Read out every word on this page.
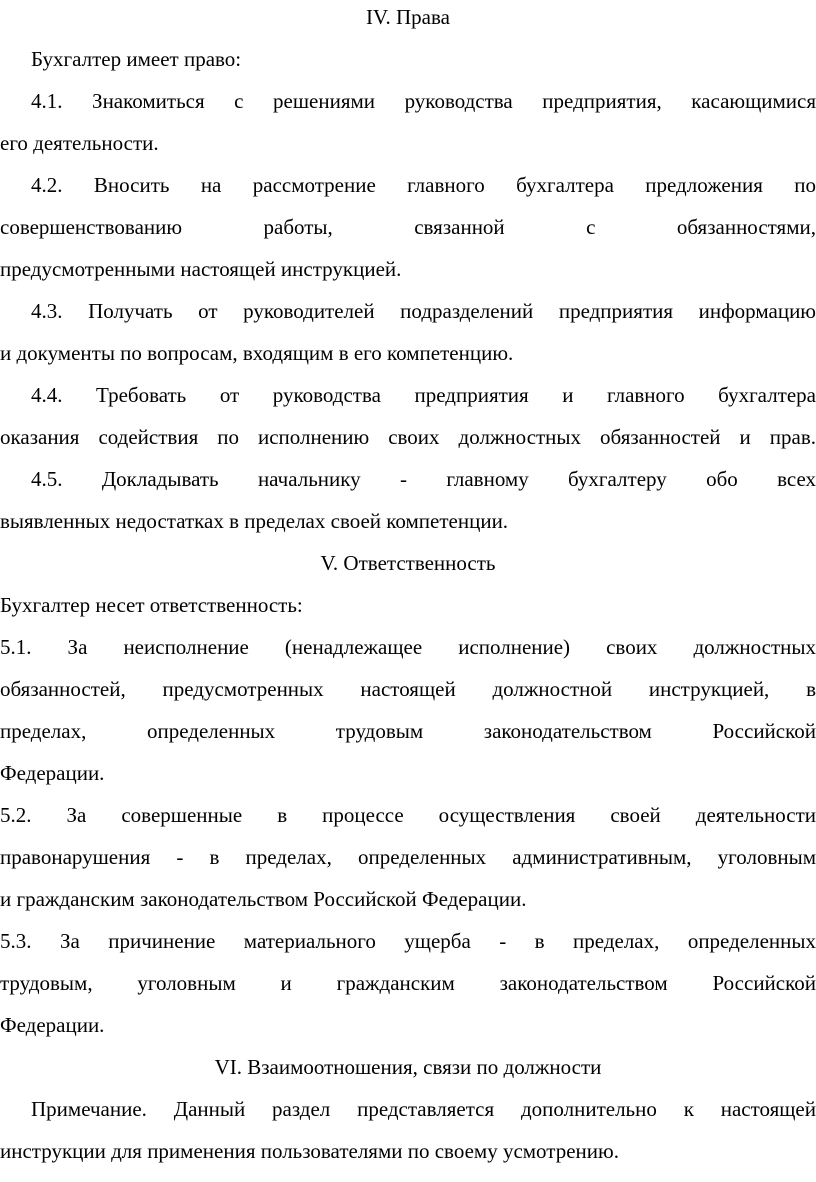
IV. Права
Бухгалтер имеет право:
4.1. Знакомиться с решениями руководства предприятия, касающимися
его деятельности.
4.2. Вносить на рассмотрение главного бухгалтера предложения по
совершенствованию работы, связанной с обязанностями,
предусмотренными настоящей инструкцией.
4.3. Получать от руководителей подразделений предприятия информацию
и документы по вопросам, входящим в его компетенцию.
4.4. Требовать от руководства предприятия и главного бухгалтера
оказания содействия по исполнению своих должностных обязанностей и прав.
4.5. Докладывать начальнику - главному бухгалтеру обо всех
выявленных недостатках в пределах своей компетенции.
V. Ответственность
Бухгалтер несет ответственность:
5.1. За неисполнение (ненадлежащее исполнение) своих должностных
обязанностей, предусмотренных настоящей должностной инструкцией, в
пределах, определенных трудовым законодательством Российской
Федерации.
5.2. За совершенные в процессе осуществления своей деятельности
правонарушения - в пределах, определенных административным, уголовным
и гражданским законодательством Российской Федерации.
5.3. За причинение материального ущерба - в пределах, определенных
трудовым, уголовным и гражданским законодательством Российской
Федерации.
VI. Взаимоотношения, связи по должности
Примечание. Данный раздел представляется дополнительно к настоящей
инструкции для применения пользователями по своему усмотрению.
